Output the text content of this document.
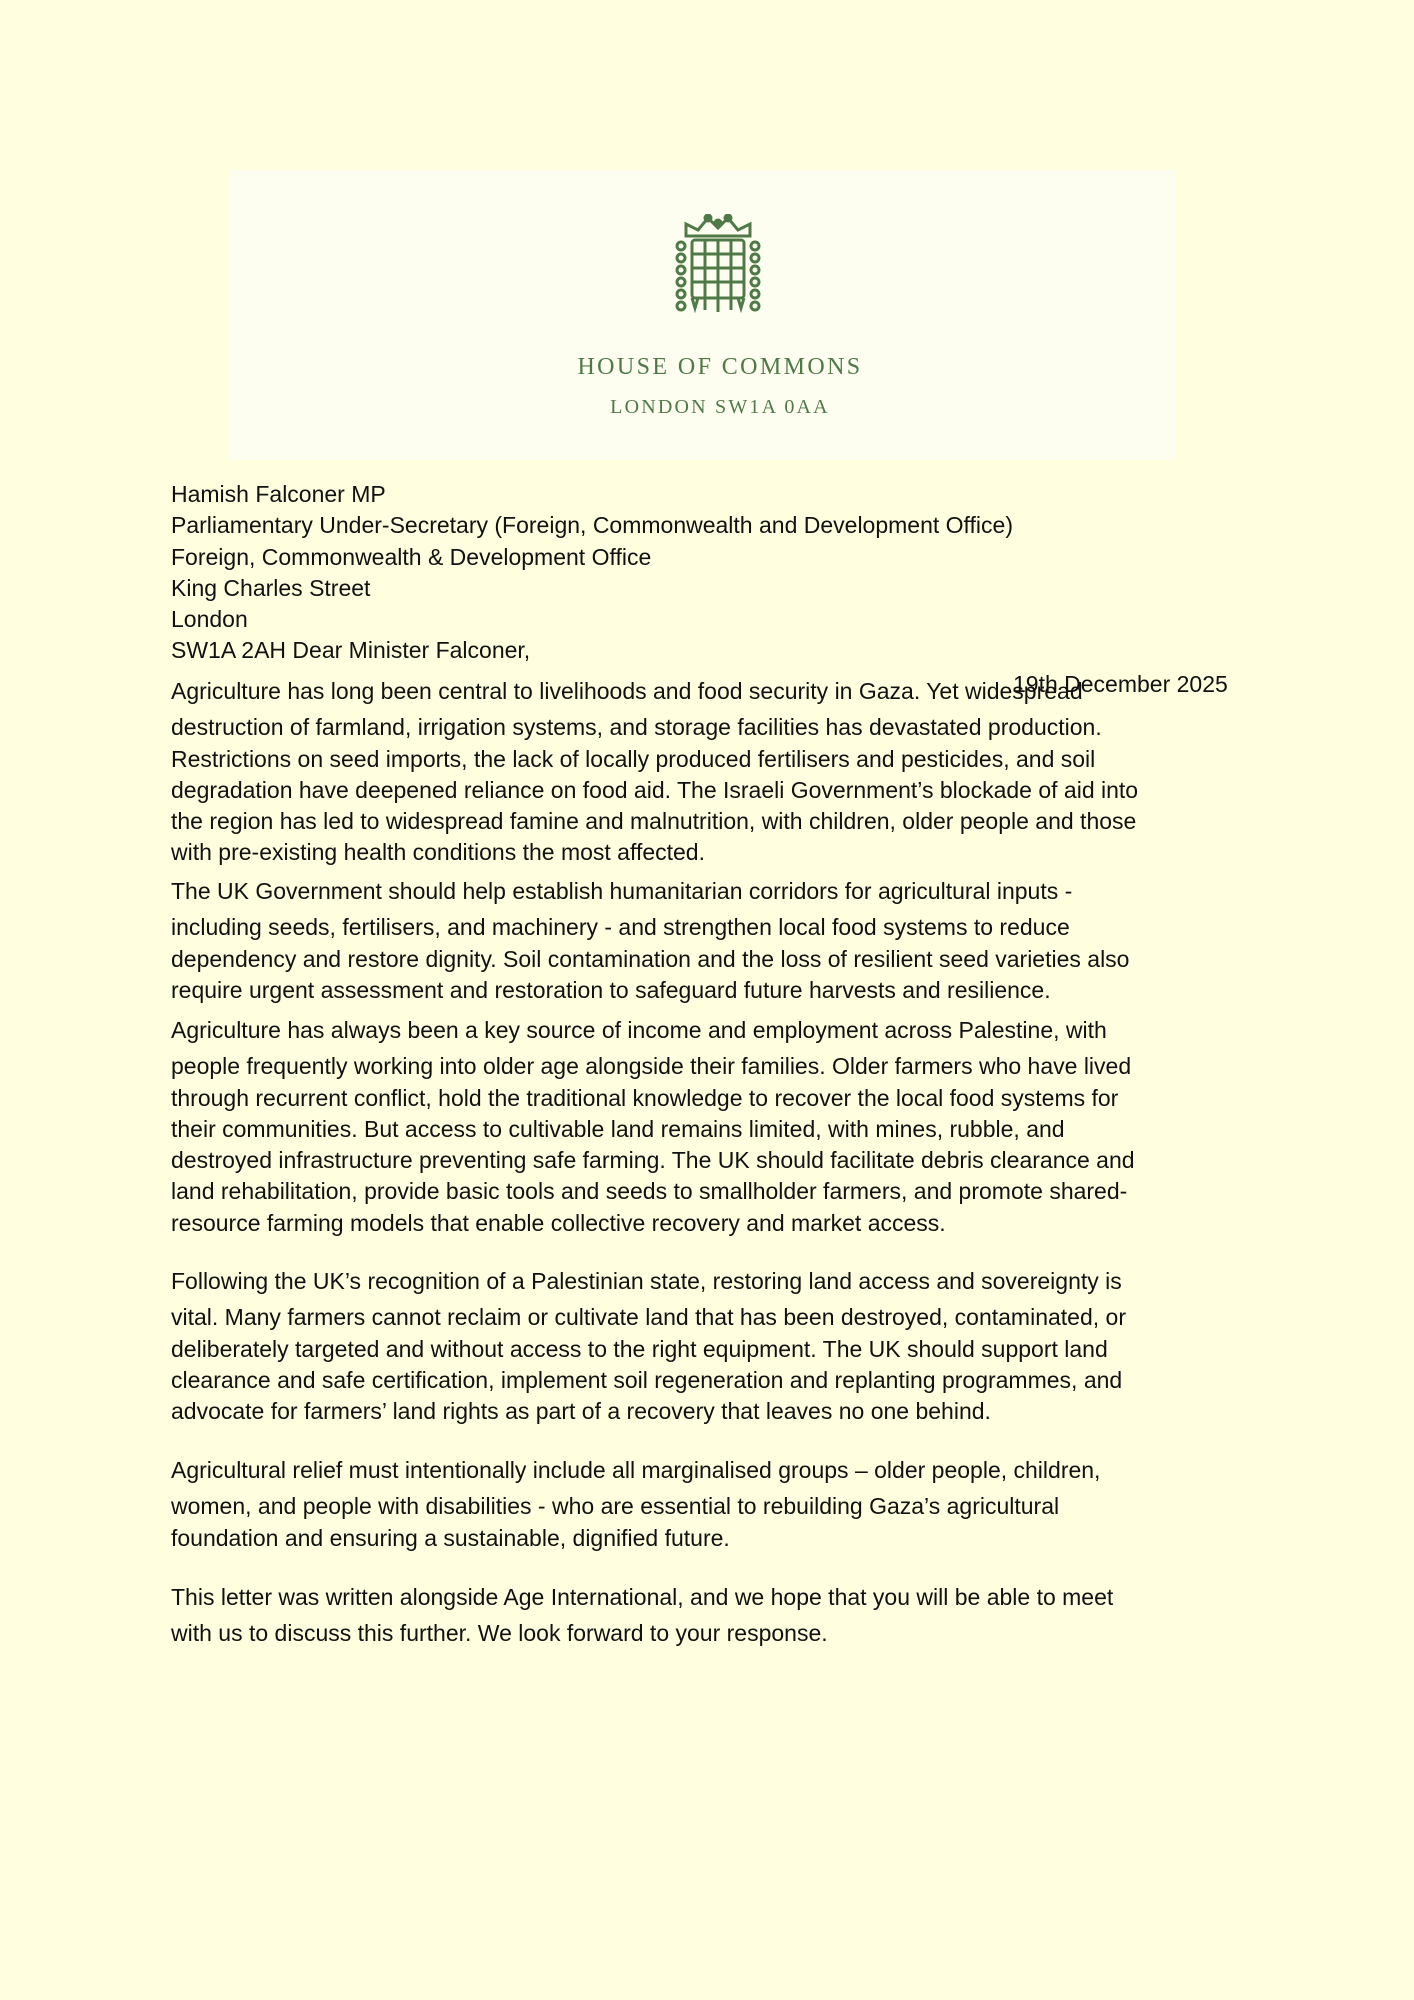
HOUSE OF COMMONS
LONDON SW1A 0AA
Hamish Falconer MP
Parliamentary Under-Secretary (Foreign, Commonwealth and Development Office)
Foreign, Commonwealth & Development Office
King Charles Street
London
SW1A 2AH Dear Minister Falconer,
19th December 2025
Agriculture has long been central to livelihoods and food security in Gaza. Yet widespread
destruction of farmland, irrigation systems, and storage facilities has devastated production.
Restrictions on seed imports, the lack of locally produced fertilisers and pesticides, and soil
degradation have deepened reliance on food aid. The Israeli Government’s blockade of aid into
the region has led to widespread famine and malnutrition, with children, older people and those
with pre-existing health conditions the most affected.
The UK Government should help establish humanitarian corridors for agricultural inputs -
including seeds, fertilisers, and machinery - and strengthen local food systems to reduce
dependency and restore dignity. Soil contamination and the loss of resilient seed varieties also
require urgent assessment and restoration to safeguard future harvests and resilience.
Agriculture has always been a key source of income and employment across Palestine, with
people frequently working into older age alongside their families. Older farmers who have lived
through recurrent conflict, hold the traditional knowledge to recover the local food systems for
their communities. But access to cultivable land remains limited, with mines, rubble, and
destroyed infrastructure preventing safe farming. The UK should facilitate debris clearance and
land rehabilitation, provide basic tools and seeds to smallholder farmers, and promote shared-
resource farming models that enable collective recovery and market access.
Following the UK’s recognition of a Palestinian state, restoring land access and sovereignty is
vital. Many farmers cannot reclaim or cultivate land that has been destroyed, contaminated, or
deliberately targeted and without access to the right equipment. The UK should support land
clearance and safe certification, implement soil regeneration and replanting programmes, and
advocate for farmers’ land rights as part of a recovery that leaves no one behind.
Agricultural relief must intentionally include all marginalised groups – older people, children,
women, and people with disabilities - who are essential to rebuilding Gaza’s agricultural
foundation and ensuring a sustainable, dignified future.
This letter was written alongside Age International, and we hope that you will be able to meet
with us to discuss this further. We look forward to your response.
